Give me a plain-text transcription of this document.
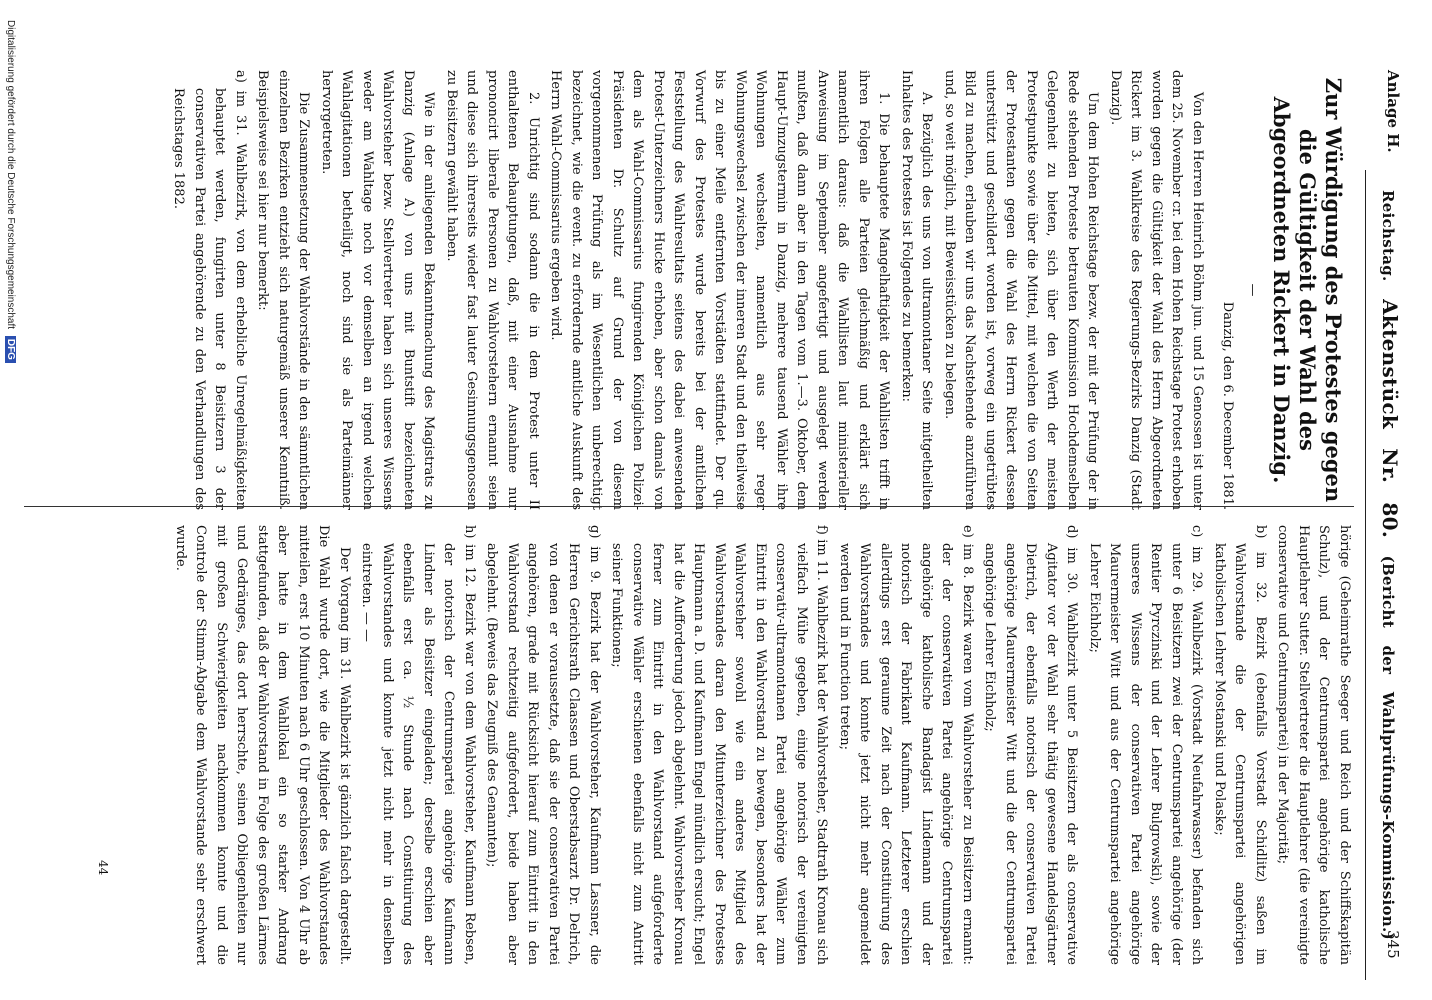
Anlage H.
Reichstag. Aktenstück Nr. 80. (Bericht der Wahlprüfungs-Kommission.)
345
Zur Würdigung des Protestes gegen die Gültigkeit der Wahl des Abgeordneten Rickert in Danzig.
—

Danzig, den 6. December 1881.

Von den Herren Heinrich Böhm jun. und 15 Genossen ist unter dem 25. November cr. bei dem Hohen Reichstage Protest erhoben worden gegen die Gültigkeit der Wahl des Herrn Abgeordneten Rickert im 3. Wahlkreise des Regierungs-Bezirks Danzig (Stadt Danzig).

Um dem Hohen Reichstage bezw. der mit der Prüfung der in Rede stehenden Proteste betrauten Kommission Hochdemselben Gelegenheit zu bieten, sich über den Werth der meisten Protestpunkte sowie über die Mittel, mit welchen die von Seiten der Protestanten gegen die Wahl des Herrn Rickert dessen unterstützt und geschildert worden ist, vorweg ein ungetrübtes Bild zu machen, erlauben wir uns das Nachstehende anzuführen und, so weit möglich, mit Beweisstücken zu belegen.

A. Bezüglich des uns von ultramontaner Seite mitgetheilten Inhaltes des Protestes ist Folgendes zu bemerken:

1. Die behauptete Mangelhaftigkeit der Wahllisten trifft in ihren Folgen alle Parteien gleichmäßig und erklärt sich namentlich daraus: daß die Wahllisten laut ministerieller Anweisung im September angefertigt und ausgelegt werden mußten, daß dann aber in den Tagen vom 1.—3. Oktober, dem Haupt-Umzugstermin in Danzig, mehrere tausend Wähler ihre Wohnungen wechselten, namentlich aus sehr reger Wohnungswechsel zwischen der inneren Stadt und den theilweise bis zu einer Meile entfernten Vorstädten stattfindet. Der qu. Vorwurf des Protestes wurde bereits bei der amtlichen Feststellung des Wahlresultats seitens des dabei anwesenden Protest-Unterzeichners Hucke erhoben, aber schon damals von dem als Wahl-Commissarius fungirenden Königlichen Polizei-Präsidenten Dr. Schultz auf Grund der von diesem vorgenommenen Prüfung als im Wesentlichen unberechtigt bezeichnet, wie die event. zu erfordernde amtliche Auskunft des Herrn Wahl-Commissarius ergeben wird.

2. Unrichtig sind sodann die in dem Protest unter II enthaltenen Behauptungen, daß, mit einer Ausnahme nur prononcirt liberale Personen zu Wahlvorstehern ernannt seien und diese sich ihrerseits wieder fast lauter Gesinnungsgenossen zu Beisitzern gewählt haben.

Wie in der anliegenden Bekanntmachung des Magistrats zu Danzig (Anlage A.) von uns mit Buntstift bezeichneten Wahlvorsteher bezw. Stellvertreter haben sich unseres Wissens weder am Wahltage noch vor demselben an irgend welchen Wahlagitationen betheiligt, noch sind sie als Parteimänner hervorgetreten.

Die Zusammensetzung der Wahlvorstände in den sämmtlichen einzelnen Bezirken entzieht sich naturgemäß unserer Kenntniß. Beispielsweise sei hier nur bemerkt:

a) im 31. Wahlbezirk, von dem erhebliche Unregelmäßigkeiten behauptet werden, fungirten unter 8 Beisitzern 3 der conservativen Partei angehörende zu den Verhandlungen des Reichstages 1882.

hörige (Geheimrathe Seeger und Reich und der Schiffskapitän Schulz), und der Centrumspartei angehörige katholische Hauptlehrer Sutter. Stellvertreter die Hauptlehrer (die vereinigte conservative und Centrumspartei) in der Majorität;

b) im 32. Bezirk (ebenfalls Vorstadt Schidlitz) saßen im Wahlvorstande die der Centrumspartei angehörigen katholischen Lehrer Mostanski und Polaske;

c) im 29. Wahlbezirk (Vorstadt Neufahrwasser) befanden sich unter 6 Beisitzern zwei der Centrumspartei angehörige (der Rentier Pyrczinski und der Lehrer Bulgrowski), sowie der unseres Wissens der conservativen Partei angehörige Maurermeister Witt und aus der Centrumspartei angehörige Lehrer Eichholz;

d) im 30. Wahlbezirk unter 5 Beisitzern der als conservative Agitator vor der Wahl sehr thätig gewesene Handelsgärtner Dietrich, der ebenfalls notorisch der conservativen Partei angehörige Maurermeister Witt und die der Centrumspartei angehörige Lehrer Eichholz;

e) im 8. Bezirk waren vom Wahlvorsteher zu Beisitzern ernannt: der der conservativen Partei angehörige Centrumspartei angehörige katholische Bandagist Lindemann und der notorisch der Fabrikant Kaufmann. Letzterer erschien allerdings erst geraume Zeit nach der Constituirung des Wahlvorstandes und konnte jetzt nicht mehr angemeldet werden und in Function treten;

f) im 11. Wahlbezirk hat der Wahlvorsteher, Stadtrath Kronau sich vielfach Mühe gegeben, einige notorisch der vereinigten conservativ-ultramontanen Partei angehörige Wähler zum Eintritt in den Wahlvorstand zu bewegen, besonders hat der Wahlvorsteher sowohl wie ein anderes Mitglied des Wahlvorstandes daran den Mitunterzeichner des Protestes Hauptmann a. D. und Kaufmann Engel mündlich ersucht; Engel hat die Aufforderung jedoch abgelehnt. Wahlvorsteher Kronau ferner zum Eintritt in den Wahlvorstand aufgeforderte conservative Wähler erschienen ebenfalls nicht zum Antritt seiner Funktionen;

g) im 9. Bezirk hat der Wahlvorsteher, Kaufmann Lassner, die Herren Gerichtsrath Claassen und Oberstabsarzt Dr. Delrich, von denen er voraussetzte, daß sie der conservativen Partei angehören, grade mit Rücksicht hierauf zum Eintritt in den Wahlvorstand rechtzeitig aufgefordert, beide haben aber abgelehnt. (Beweis das Zeugniß des Genannten);

h) im 12. Bezirk war von dem Wahlvorsteher, Kaufmann Rebsen, der notorisch der Centrumspartei angehörige Kaufmann Lindner als Beisitzer eingeladen; derselbe erschien aber ebenfalls erst ca. ½ Stunde nach Constituirung des Wahlvorstandes und konnte jetzt nicht mehr in denselben eintreten. — —

Der Vorgang im 31. Wahlbezirk ist gänzlich falsch dargestellt. Die Wahl wurde dort, wie die Mitglieder des Wahlvorstandes mitteilen, erst 10 Minuten nach 6 Uhr geschlossen. Von 4 Uhr ab aber hatte in dem Wahllokal ein so starker Andrang stattgefunden, daß der Wahlvorstand in Folge des großen Lärmes und Gedränges, das dort herrschte, seinen Obliegenheiten nur mit großen Schwierigkeiten nachkommen konnte und die Controle der Stimm-Abgabe dem Wahlvorstande sehr erschwert wurde.

44
Digitalisierung gefördert durch die Deutsche Forschungsgemeinschaft DFG
